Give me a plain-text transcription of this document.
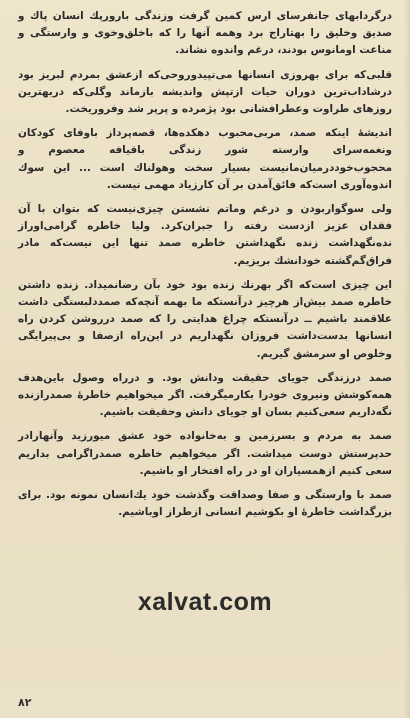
درگردابهای جانفرسای ارس کمین گرفت وزندگی بارورپك انسان پاك و صدیق وخلیق را بهتاراج برد وهمه آنها را که باخلق‌وخوی و وارستگی و مناعت اوما‌نوس بودند، درغم واندوه نشاند.

قلبی‌که برای بهروزی انسانها می‌تپیدوروحی‌که ازعشق بمردم لبریز بود درشاداب‌ترین دوران حیات ازتپش واندیشه بازماند وگلی‌که دربهترین روزهای طراوت وعطرافشانی بود پژمرده و پرپر شد وفروریخت.

اندیشهٔ اینکه صمد، مربی‌محبوب دهکده‌ها، قصه‌پرداز باوفای کودکان ونغمه‌سرای وارسته شور زندگی باقیافه معصوم و محجوب‌خوددرمیان‌ما‌نیست بسیار سخت وهولناك است ... این سوك اندوه‌آوری است‌که فائق‌آمدن بر آن کارزیاد مهمی نیست.

ولی سوگواربودن و درغم وماتم نشستن چیزی‌نیست که بتوان با آن فقدان عزیز ازدست رفته را جبران‌کرد. ولیا خاطره گرامی‌اوراز نده‌نگهداشت زنده نگهداشتن خاطره صمد تنها این نیست‌که مادر فراق‌گم‌گشته خودانشك بریزیم.

این چیزی است‌که اگر بهرنك زنده بود خود بآن رضا‌نمیداد. زنده داشتن خاطره صمد بیش‌از هرچیز درآنستکه ما بهمه آنچه‌که صمددلبستگی داشت علاقمند باشیم ــ درآنستکه چراغ هدایتی را که صمد درروشن کردن راه انسانها بدست‌داشت فروزان نگهداریم در این‌راه ازصفا و بی‌پیرایگی وخلوص او سرمشق گیریم.

صمد درزندگی جویای حقیقت ودانش بود. و درراه وصول باین‌هدف همه‌کوشش ونیروی خودرا بکارمیگرفت. اگر میخواهیم خاطرهٔ صمدرازنده نگه‌داریم سعی‌کنیم بسان او جویای دانش وحقیقت باشیم.

صمد به مردم و بسرزمین و به‌خانواده خود عشق میورزید وآنهارادر حدپرستش دوست میداشت. اگر میخواهیم خاطره صمدراگرامی بداریم سعی کنیم ازهمسیاران او در راه افتخار او باشیم.

صمد با وارستگی و صفا وصداقت وگذشت خود یك‌انسان نمونه بود. برای بزرگداشت خاطرهٔ او بکوشیم انسانی ازطراز اوباشیم.

xalvat.com
۸۲
